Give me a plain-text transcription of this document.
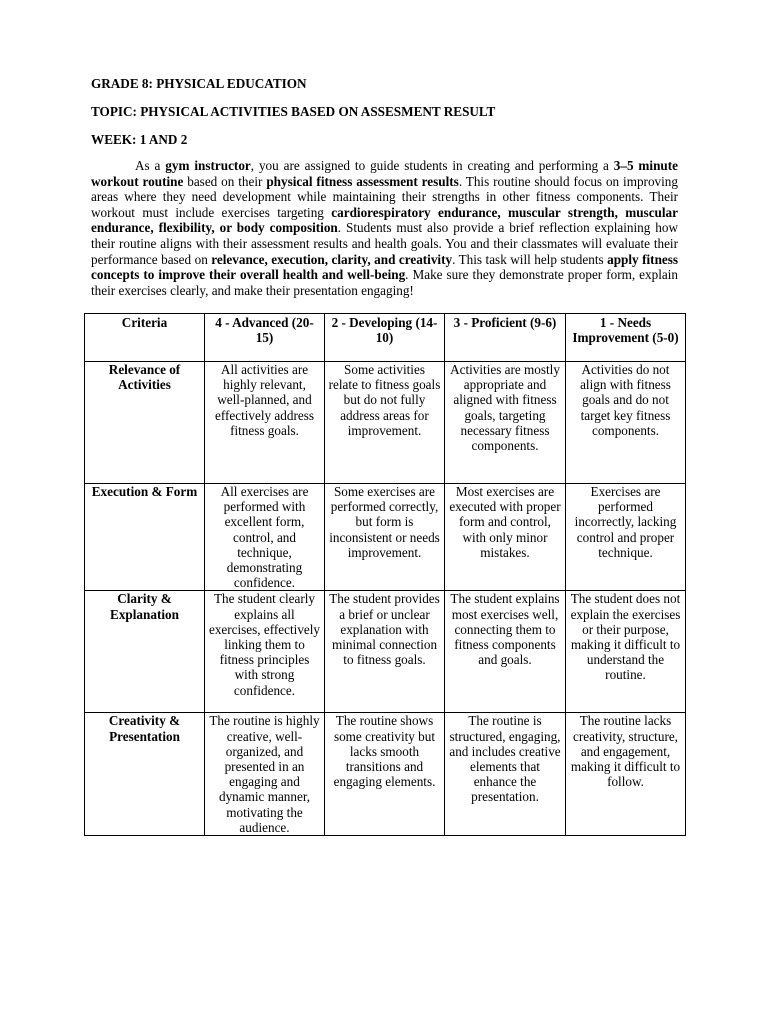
GRADE 8: PHYSICAL EDUCATION
TOPIC: PHYSICAL ACTIVITIES BASED ON ASSESMENT RESULT
WEEK: 1 AND 2

As a gym instructor, you are assigned to guide students in creating and performing a 3–5 minute workout routine based on their physical fitness assessment results. This routine should focus on improving areas where they need development while maintaining their strengths in other fitness components. Their workout must include exercises targeting cardiorespiratory endurance, muscular strength, muscular endurance, flexibility, or body composition. Students must also provide a brief reflection explaining how their routine aligns with their assessment results and health goals. You and their classmates will evaluate their performance based on relevance, execution, clarity, and creativity. This task will help students apply fitness concepts to improve their overall health and well-being. Make sure they demonstrate proper form, explain their exercises clearly, and make their presentation engaging!

Criteria	4 - Advanced (20-15)	2 - Developing (14-10)	3 - Proficient (9-6)	1 - Needs Improvement (5-0)
Relevance of Activities	All activities are highly relevant, well-planned, and effectively address fitness goals.	Some activities relate to fitness goals but do not fully address areas for improvement.	Activities are mostly appropriate and aligned with fitness goals, targeting necessary fitness components.	Activities do not align with fitness goals and do not target key fitness components.
Execution & Form	All exercises are performed with excellent form, control, and technique, demonstrating confidence.	Some exercises are performed correctly, but form is inconsistent or needs improvement.	Most exercises are executed with proper form and control, with only minor mistakes.	Exercises are performed incorrectly, lacking control and proper technique.
Clarity & Explanation	The student clearly explains all exercises, effectively linking them to fitness principles with strong confidence.	The student provides a brief or unclear explanation with minimal connection to fitness goals.	The student explains most exercises well, connecting them to fitness components and goals.	The student does not explain the exercises or their purpose, making it difficult to understand the routine.
Creativity & Presentation	The routine is highly creative, well-organized, and presented in an engaging and dynamic manner, motivating the audience.	The routine shows some creativity but lacks smooth transitions and engaging elements.	The routine is structured, engaging, and includes creative elements that enhance the presentation.	The routine lacks creativity, structure, and engagement, making it difficult to follow.
